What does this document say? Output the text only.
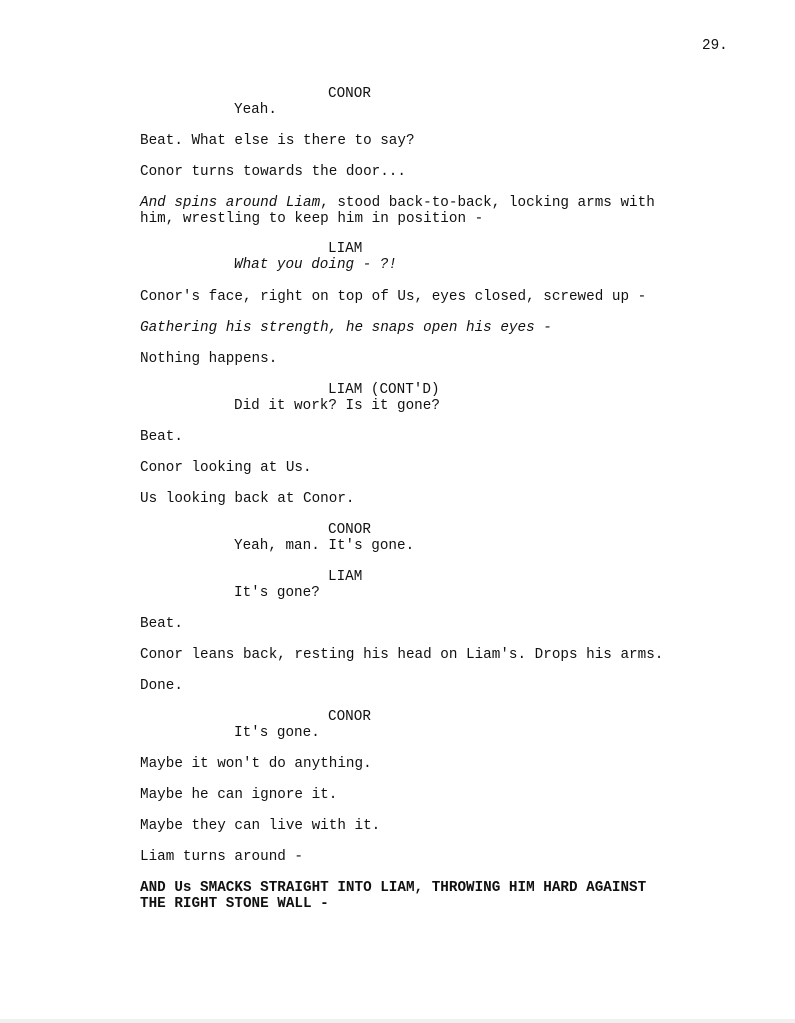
29.
CONOR
Yeah.
Beat. What else is there to say?
Conor turns towards the door...
And spins around Liam, stood back-to-back, locking arms with
him, wrestling to keep him in position -
LIAM
What you doing - ?!
Conor's face, right on top of Us, eyes closed, screwed up -
Gathering his strength, he snaps open his eyes -
Nothing happens.
LIAM (CONT'D)
Did it work? Is it gone?
Beat.
Conor looking at Us.
Us looking back at Conor.
CONOR
Yeah, man. It's gone.
LIAM
It's gone?
Beat.
Conor leans back, resting his head on Liam's. Drops his arms.
Done.
CONOR
It's gone.
Maybe it won't do anything.
Maybe he can ignore it.
Maybe they can live with it.
Liam turns around -
AND Us SMACKS STRAIGHT INTO LIAM, THROWING HIM HARD AGAINST
THE RIGHT STONE WALL -
